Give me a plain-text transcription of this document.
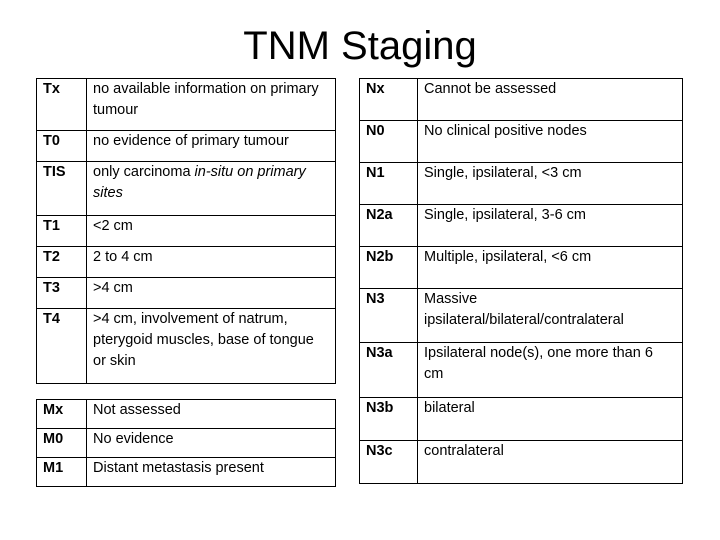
TNM Staging
Tx	no available information on primary tumour
T0	no evidence of primary tumour
TIS	only carcinoma in-situ on primary sites
T1	<2 cm
T2	2 to 4 cm
T3	>4 cm
T4	>4 cm, involvement of natrum, pterygoid muscles, base of tongue or skin
Mx	Not assessed
M0	No evidence
M1	Distant metastasis present
Nx	Cannot be assessed
N0	No clinical positive nodes
N1	Single, ipsilateral, <3 cm
N2a	Single, ipsilateral, 3-6 cm
N2b	Multiple, ipsilateral, <6 cm
N3	Massive ipsilateral/bilateral/contralateral
N3a	Ipsilateral node(s), one more than 6 cm
N3b	bilateral
N3c	contralateral
